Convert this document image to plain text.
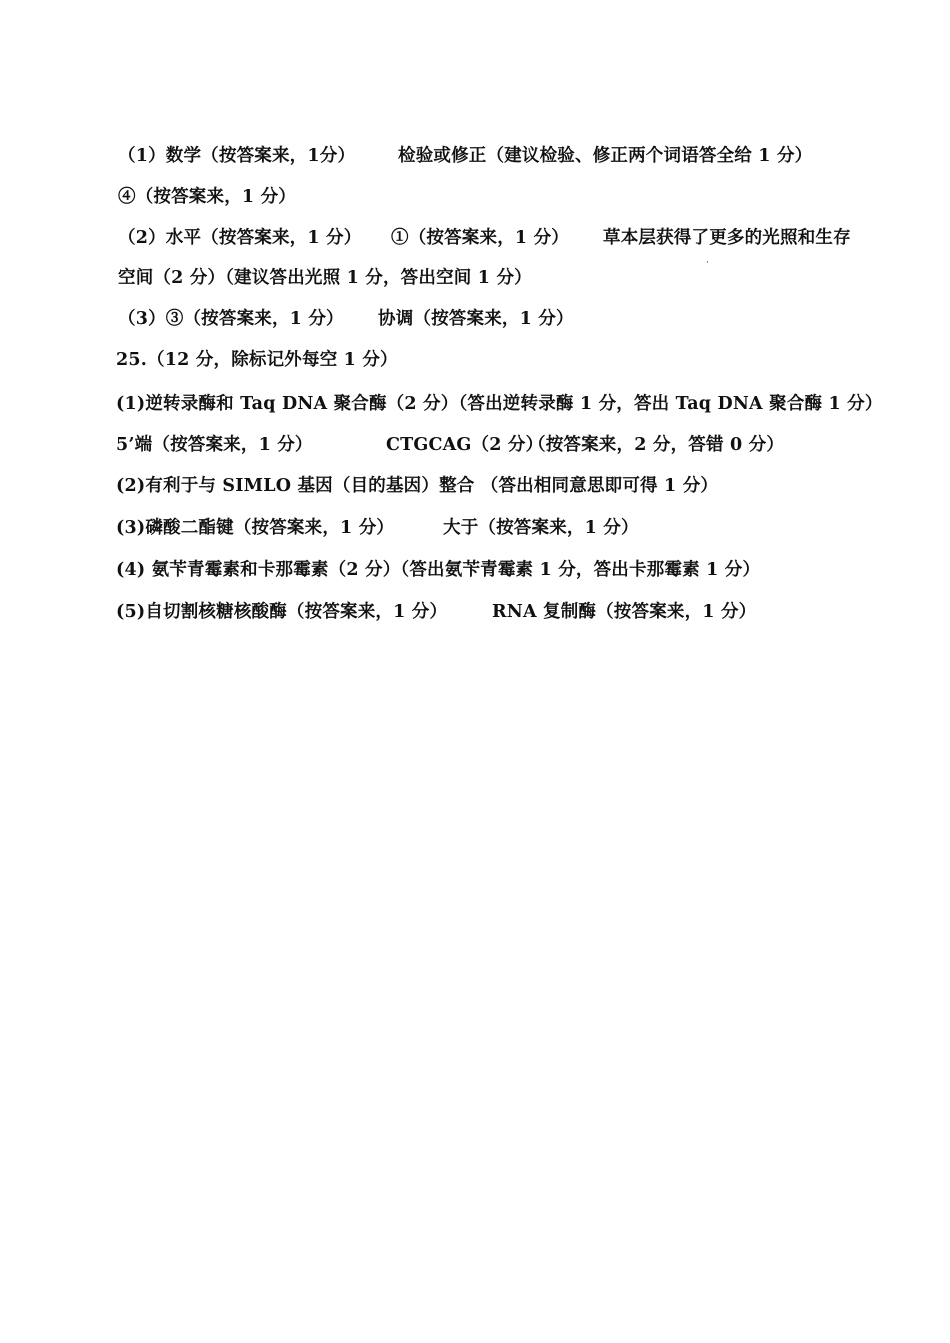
（1）数学（按答案来，1分）

检验或修正（建议检验、修正两个词语答全给 1 分）

④（按答案来，1 分）

（2）水平（按答案来，1 分）

①（按答案来，1 分）

草本层获得了更多的光照和生存

空间（2 分）（建议答出光照 1 分，答出空间 1 分）

·

（3）③（按答案来，1 分）

协调（按答案来，1 分）

25.（12 分，除标记外每空 1 分）

(1)逆转录酶和 Taq DNA 聚合酶（2 分）（答出逆转录酶 1 分，答出 Taq DNA 聚合酶 1 分）

5’端（按答案来，1 分）

	CTGCAG（2 分）

（按答案来，2 分，答错 0 分）

(2)有利于与 SIMLO 基因（目的基因）整合 （答出相同意思即可得 1 分）

(3)磷酸二酯键（按答案来，1 分）

	大于（按答案来，1 分）

(4) 氨苄青霉素和卡那霉素（2 分）（答出氨苄青霉素 1 分，答出卡那霉素 1 分）

(5)自切割核糖核酸酶（按答案来，1 分）

	RNA 复制酶（按答案来，1 分）
